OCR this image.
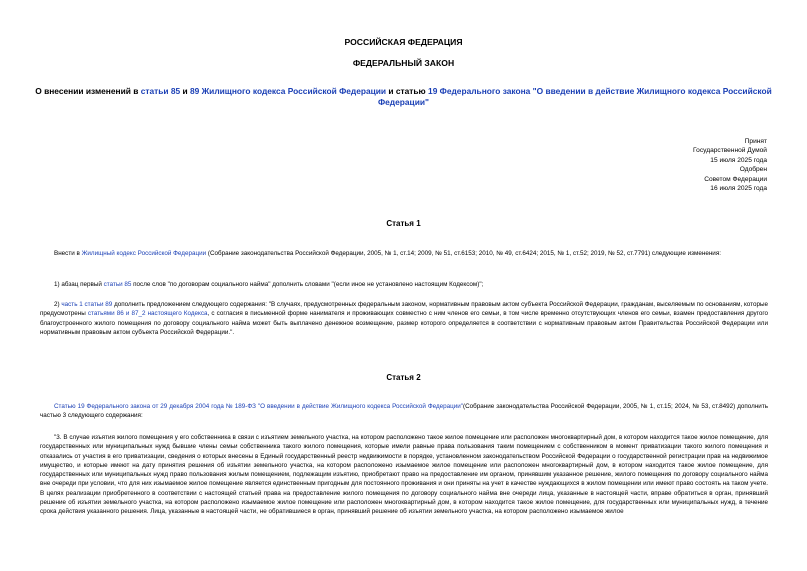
РОССИЙСКАЯ ФЕДЕРАЦИЯ
ФЕДЕРАЛЬНЫЙ ЗАКОН
О внесении изменений в статьи 85 и 89 Жилищного кодекса Российской Федерации и статью 19 Федерального закона "О введении в действие Жилищного кодекса Российской Федерации"
Принят
Государственной Думой
15 июля 2025 года
Одобрен
Советом Федерации
16 июля 2025 года
Статья 1
Внести в Жилищный кодекс Российской Федерации (Собрание законодательства Российской Федерации, 2005, № 1, ст.14; 2009, № 51, ст.6153; 2010, № 49, ст.6424; 2015, № 1, ст.52; 2019, № 52, ст.7791) следующие изменения:
1) абзац первый статьи 85 после слов "по договорам социального найма" дополнить словами "(если иное не установлено настоящим Кодексом)";
2) часть 1 статьи 89 дополнить предложением следующего содержания: "В случаях, предусмотренных федеральным законом, нормативным правовым актом субъекта Российской Федерации, гражданам, выселяемым по основаниям, которые предусмотрены статьями 86 и 87_2 настоящего Кодекса, с согласия в письменной форме нанимателя и проживающих совместно с ним членов его семьи, в том числе временно отсутствующих членов его семьи, взамен предоставления другого благоустроенного жилого помещения по договору социального найма может быть выплачено денежное возмещение, размер которого определяется в соответствии с нормативным правовым актом Правительства Российской Федерации или нормативным правовым актом субъекта Российской Федерации.".
Статья 2
Статью 19 Федерального закона от 29 декабря 2004 года № 189-ФЗ "О введении в действие Жилищного кодекса Российской Федерации"(Собрание законодательства Российской Федерации, 2005, № 1, ст.15; 2024, № 53, ст.8492) дополнить частью 3 следующего содержания:
"3. В случае изъятия жилого помещения у его собственника в связи с изъятием земельного участка, на котором расположено такое жилое помещение или расположен многоквартирный дом, в котором находится такое жилое помещение, для государственных или муниципальных нужд бывшие члены семьи собственника такого жилого помещения, которые имели равные права пользования таким помещением с собственником в момент приватизации такого жилого помещения и отказались от участия в его приватизации, сведения о которых внесены в Единый государственный реестр недвижимости в порядке, установленном законодательством Российской Федерации о государственной регистрации прав на недвижимое имущество, и которые имеют на дату принятия решения об изъятии земельного участка, на котором расположено изымаемое жилое помещение или расположен многоквартирный дом, в котором находится такое жилое помещение, для государственных или муниципальных нужд право пользования жилым помещением, подлежащим изъятию, приобретают право на предоставление им органом, принявшим указанное решение, жилого помещения по договору социального найма вне очереди при условии, что для них изымаемое жилое помещение является единственным пригодным для постоянного проживания и они приняты на учет в качестве нуждающихся в жилом помещении или имеют право состоять на таком учете. В целях реализации приобретенного в соответствии с настоящей статьей права на предоставление жилого помещения по договору социального найма вне очереди лица, указанные в настоящей части, вправе обратиться в орган, принявший решение об изъятии земельного участка, на котором расположено изымаемое жилое помещение или расположен многоквартирный дом, в котором находится такое жилое помещение, для государственных или муниципальных нужд, в течение срока действия указанного решения. Лица, указанные в настоящей части, не обратившиеся в орган, принявший решение об изъятии земельного участка, на котором расположено изымаемое жилое
